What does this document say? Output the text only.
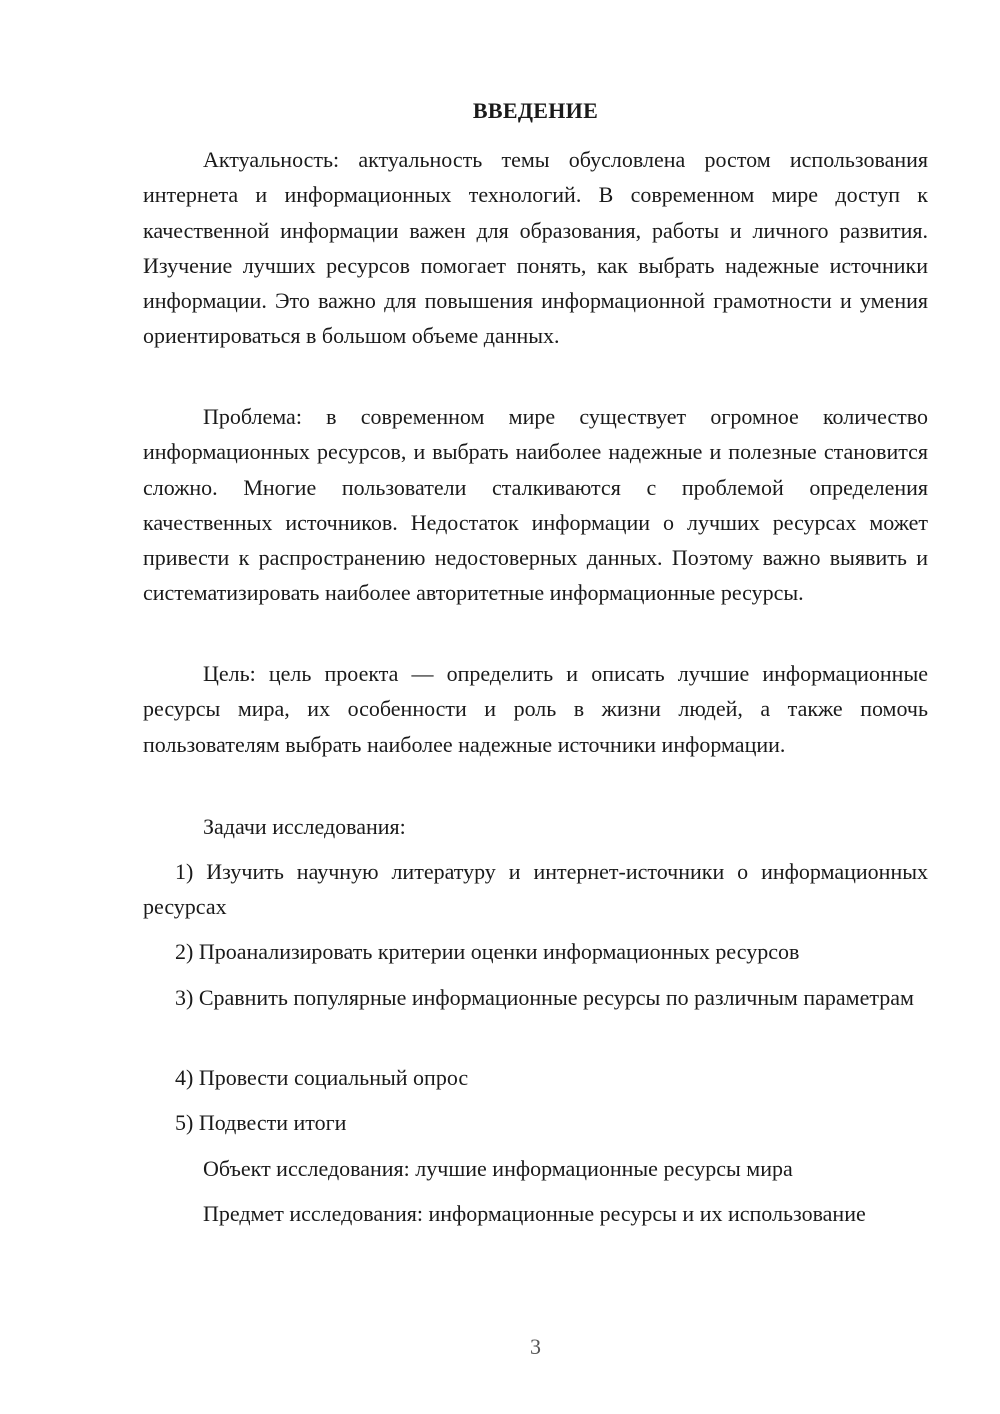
ВВЕДЕНИЕ

Актуальность: актуальность темы обусловлена ростом использования интернета и информационных технологий. В современном мире доступ к качественной информации важен для образования, работы и личного развития. Изучение лучших ресурсов помогает понять, как выбрать надежные источники информации. Это важно для повышения информационной грамотности и умения ориентироваться в большом объеме данных.

Проблема: в современном мире существует огромное количество информационных ресурсов, и выбрать наиболее надежные и полезные становится сложно. Многие пользователи сталкиваются с проблемой определения качественных источников. Недостаток информации о лучших ресурсах может привести к распространению недостоверных данных. Поэтому важно выявить и систематизировать наиболее авторитетные информационные ресурсы.

Цель: цель проекта — определить и описать лучшие информационные ресурсы мира, их особенности и роль в жизни людей, а также помочь пользователям выбрать наиболее надежные источники информации.

Задачи исследования:

1) Изучить научную литературу и интернет-источники о информационных ресурсах

2) Проанализировать критерии оценки информационных ресурсов

3) Сравнить популярные информационные ресурсы по различным параметрам

4) Провести социальный опрос

5) Подвести итоги

Объект исследования: лучшие информационные ресурсы мира

Предмет исследования: информационные ресурсы и их использование

3
